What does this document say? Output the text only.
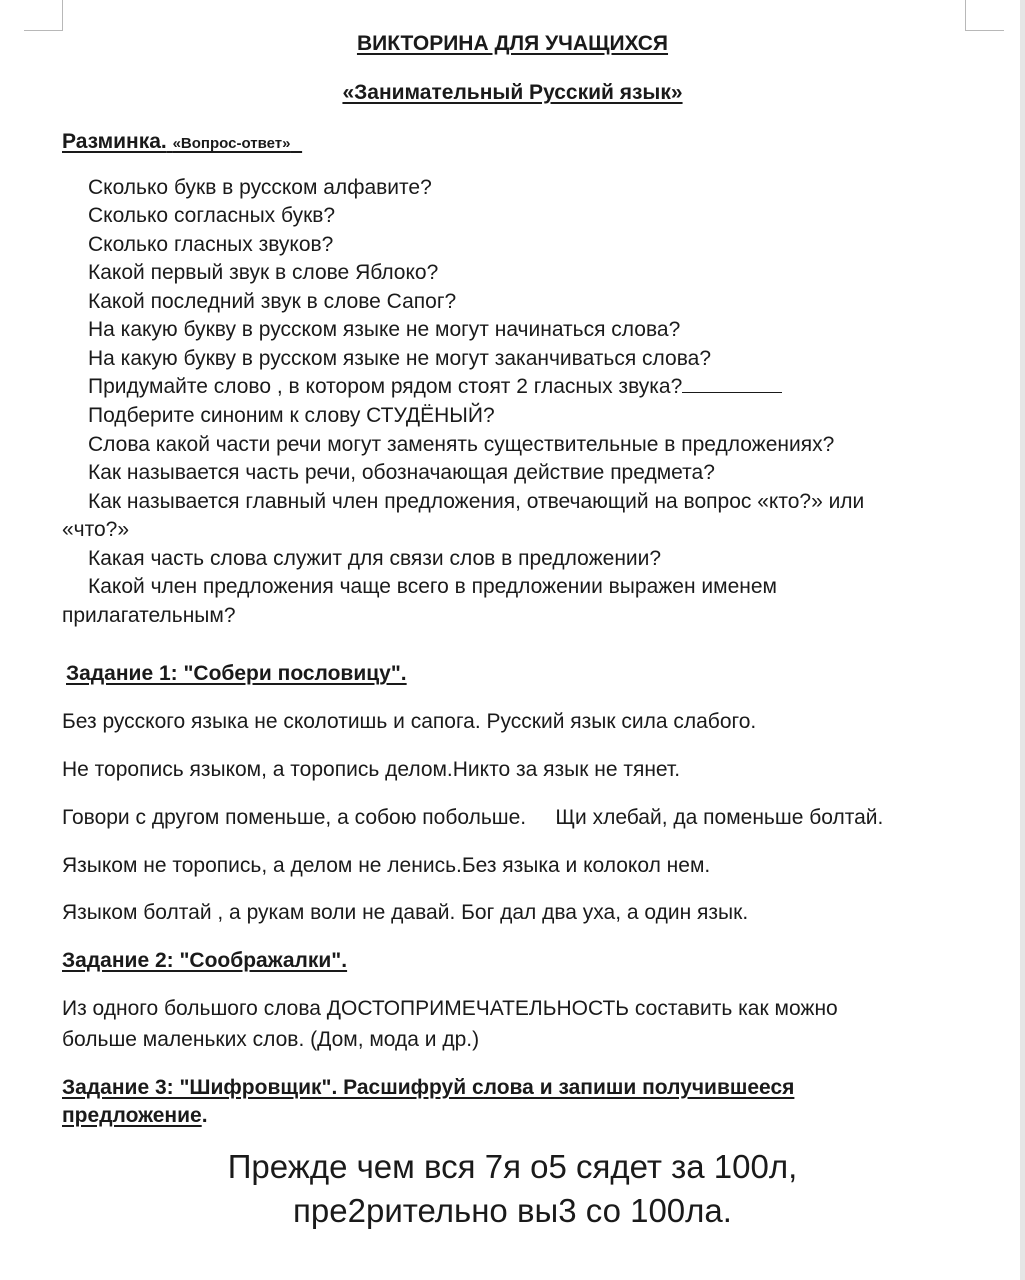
ВИКТОРИНА ДЛЯ УЧАЩИХСЯ
«Занимательный Русский язык»
Разминка. «Вопрос-ответ»
Сколько букв в русском алфавите?
Сколько согласных букв?
Сколько гласных звуков?
Какой первый звук в слове Яблоко?
Какой последний звук в слове Сапог?
На какую букву в русском языке не могут начинаться слова?
На какую букву в русском языке не могут заканчиваться слова?
Придумайте слово , в котором рядом стоят 2 гласных звука?
Подберите синоним к слову СТУДЁНЫЙ?
Слова какой части речи могут заменять существительные в предложениях?
Как называется часть речи, обозначающая действие предмета?
Как называется главный член предложения, отвечающий на вопрос «кто?» или
«что?»
Какая часть слова служит для связи слов в предложении?
Какой член предложения чаще всего в предложении выражен именем
прилагательным?
Задание 1: "Собери пословицу".
Без русского языка не сколотишь и сапога. Русский язык сила слабого.
Не торопись языком, а торопись делом.Никто за язык не тянет.
Говори с другом поменьше, а собою побольше.     Щи хлебай, да поменьше болтай.
Языком не торопись, а делом не ленись.Без языка и колокол нем.
Языком болтай , а рукам воли не давай. Бог дал два уха, а один язык.
Задание 2: "Соображалки".
Из одного большого слова ДОСТОПРИМЕЧАТЕЛЬНОСТЬ составить как можно
больше маленьких слов. (Дом, мода и др.)
Задание 3: "Шифровщик". Расшифруй слова и запиши получившееся
предложение.
Прежде чем вся 7я о5 сядет за 100л,
пре2рительно вы3 со 100ла.
